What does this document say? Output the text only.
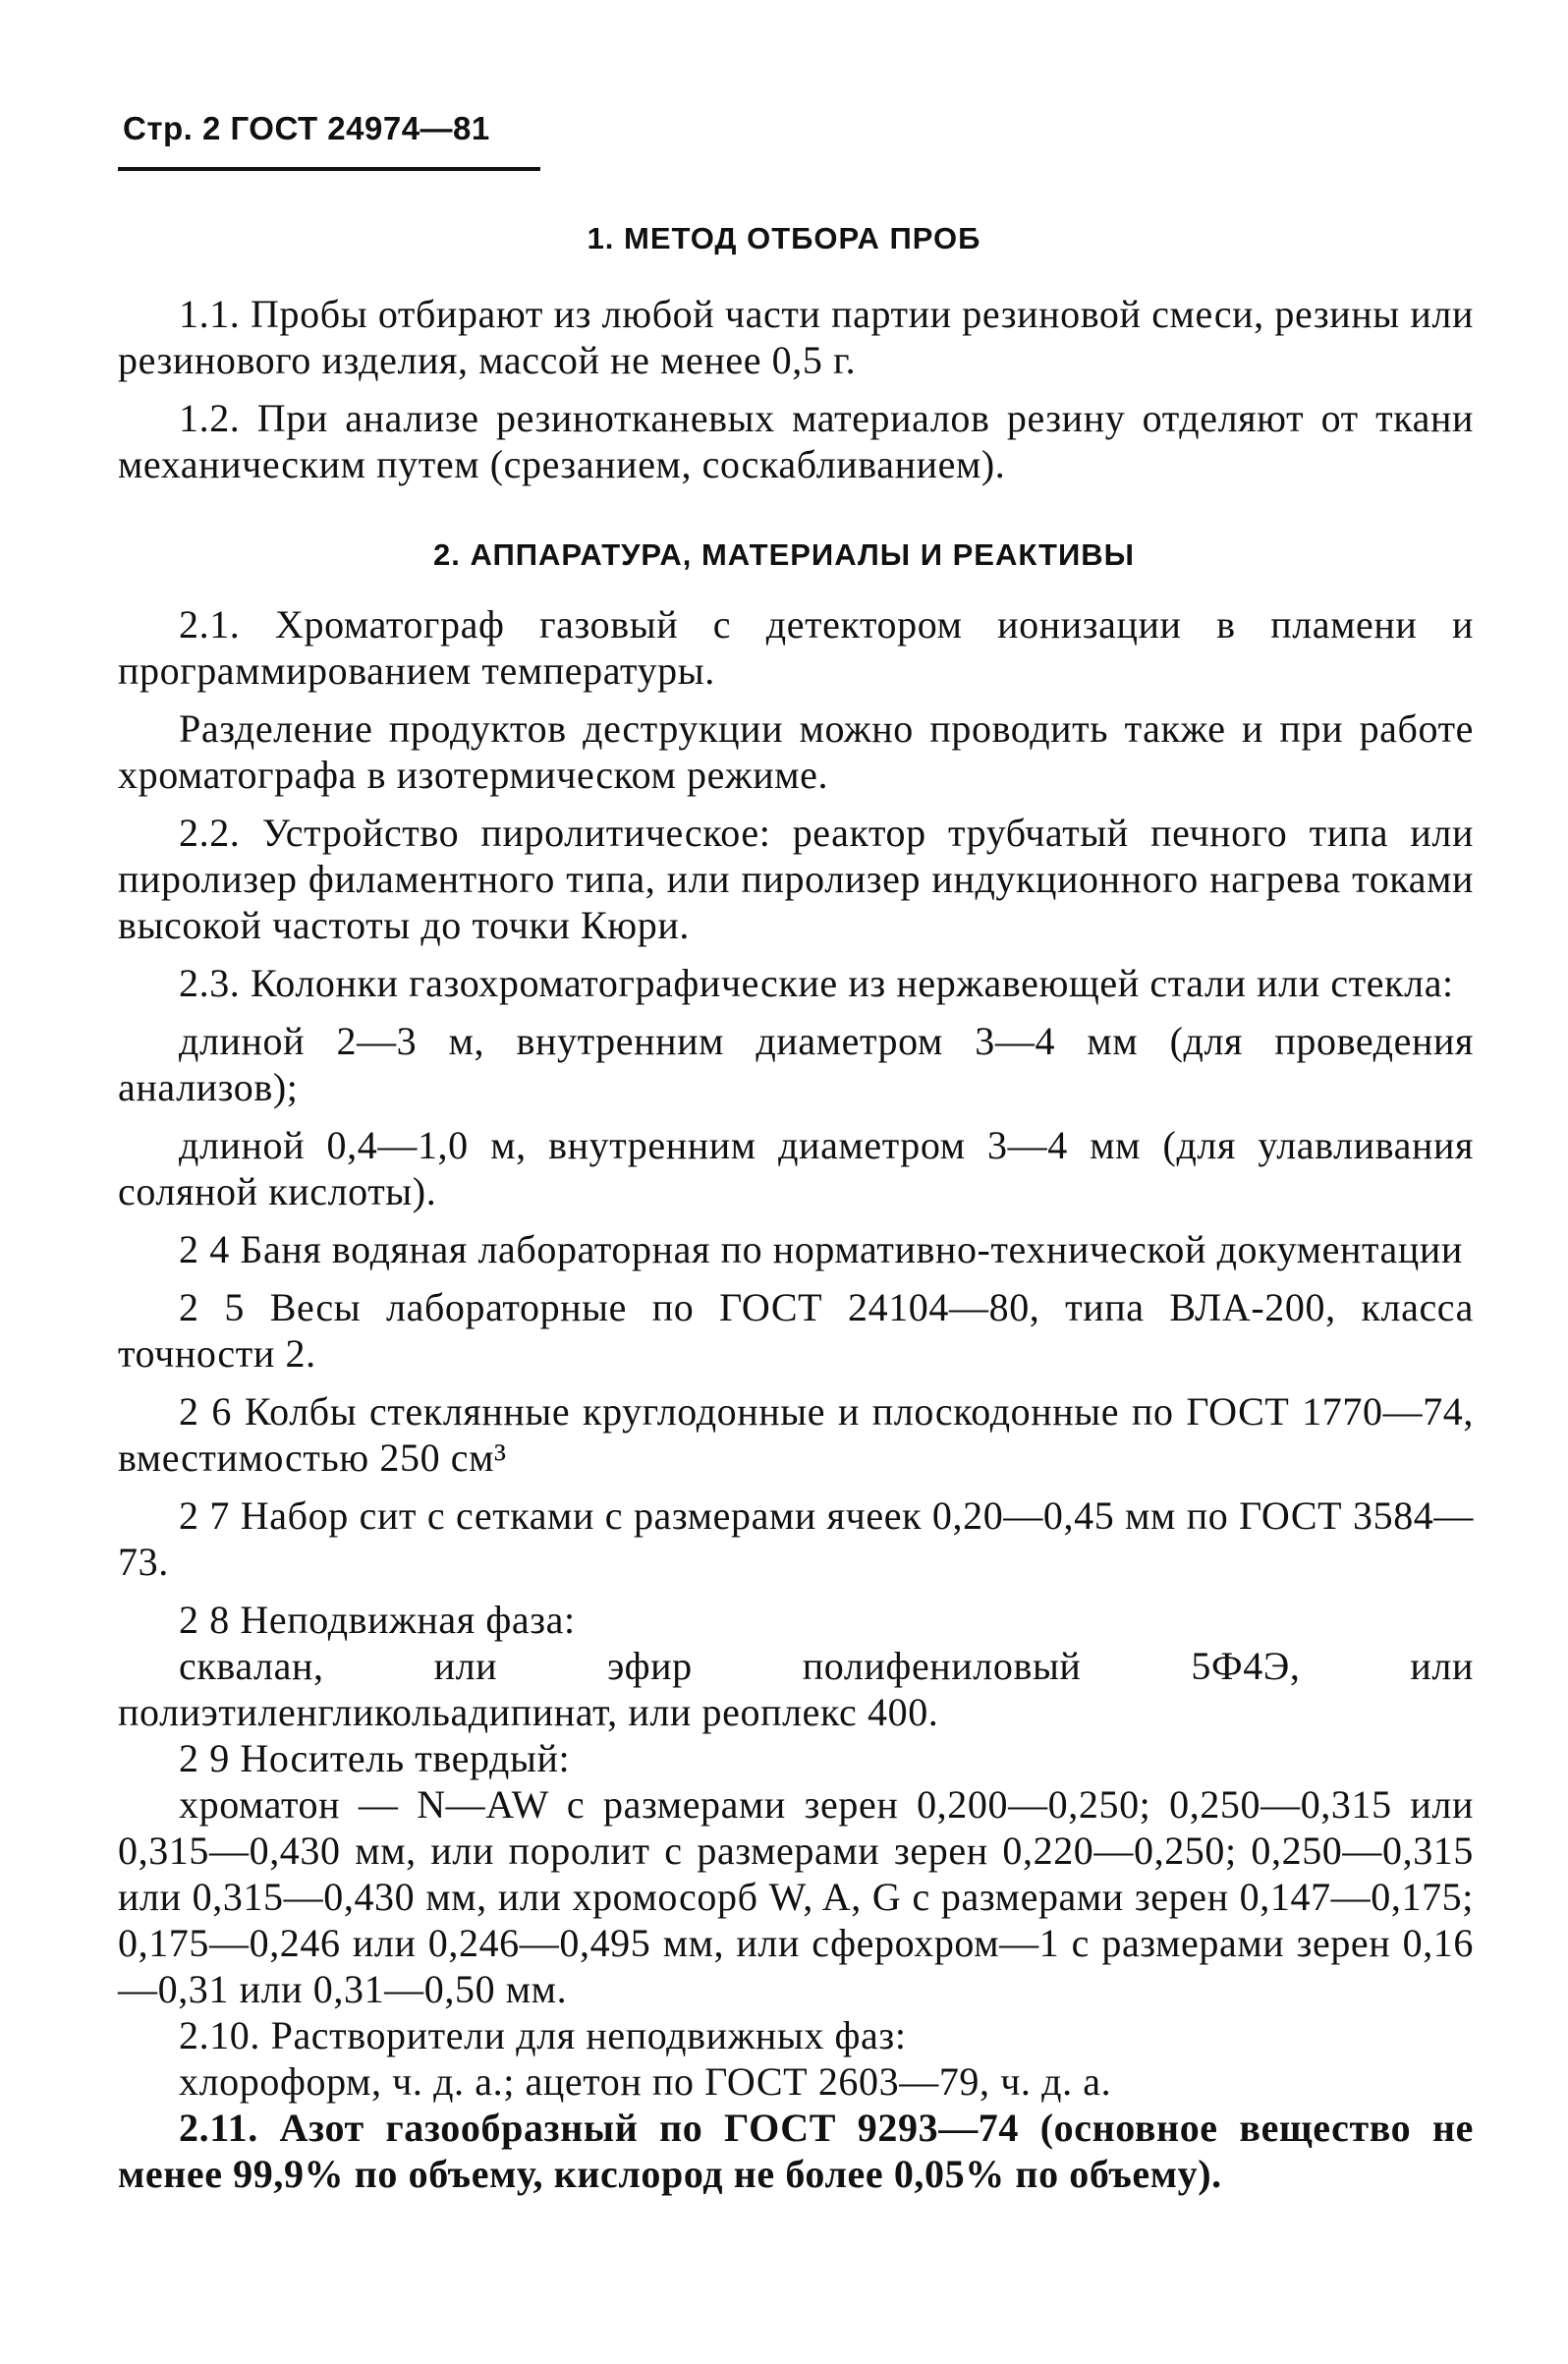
Стр. 2 ГОСТ 24974—81
1. МЕТОД ОТБОРА ПРОБ

1.1. Пробы отбирают из любой части партии резиновой смеси, резины или резинового изделия, массой не менее 0,5 г.

1.2. При анализе резинотканевых материалов резину отделяют от ткани механическим путем (срезанием, соскабливанием).

2. АППАРАТУРА, МАТЕРИАЛЫ И РЕАКТИВЫ

2.1. Хроматограф газовый с детектором ионизации в пламени и программированием температуры.

Разделение продуктов деструкции можно проводить также и при работе хроматографа в изотермическом режиме.

2.2. Устройство пиролитическое: реактор трубчатый печного типа или пиролизер филаментного типа, или пиролизер индукционного нагрева токами высокой частоты до точки Кюри.

2.3. Колонки газохроматографические из нержавеющей стали или стекла:

длиной 2—3 м, внутренним диаметром 3—4 мм (для проведения анализов);

длиной 0,4—1,0 м, внутренним диаметром 3—4 мм (для улавливания соляной кислоты).

2 4 Баня водяная лабораторная по нормативно-технической документации

2 5 Весы лабораторные по ГОСТ 24104—80, типа ВЛА-200, класса точности 2.

2 6 Колбы стеклянные круглодонные и плоскодонные по ГОСТ 1770—74, вместимостью 250 см³

2 7 Набор сит с сетками с размерами ячеек 0,20—0,45 мм по ГОСТ 3584—73.

2 8 Неподвижная фаза:

сквалан, или эфир полифениловый 5Ф4Э, или полиэтиленгликольадипинат, или реоплекс 400.

2 9 Носитель твердый:

хроматон — N—AW с размерами зерен 0,200—0,250; 0,250—0,315 или 0,315—0,430 мм, или поролит с размерами зерен 0,220—0,250; 0,250—0,315 или 0,315—0,430 мм, или хромосорб W, A, G с размерами зерен 0,147—0,175; 0,175—0,246 или 0,246—0,495 мм, или сферохром—1 с размерами зерен 0,16—0,31 или 0,31—0,50 мм.

2.10. Растворители для неподвижных фаз:

хлороформ, ч. д. а.; ацетон по ГОСТ 2603—79, ч. д. а.

2.11. Азот газообразный по ГОСТ 9293—74 (основное вещество не менее 99,9% по объему, кислород не более 0,05% по объему).
